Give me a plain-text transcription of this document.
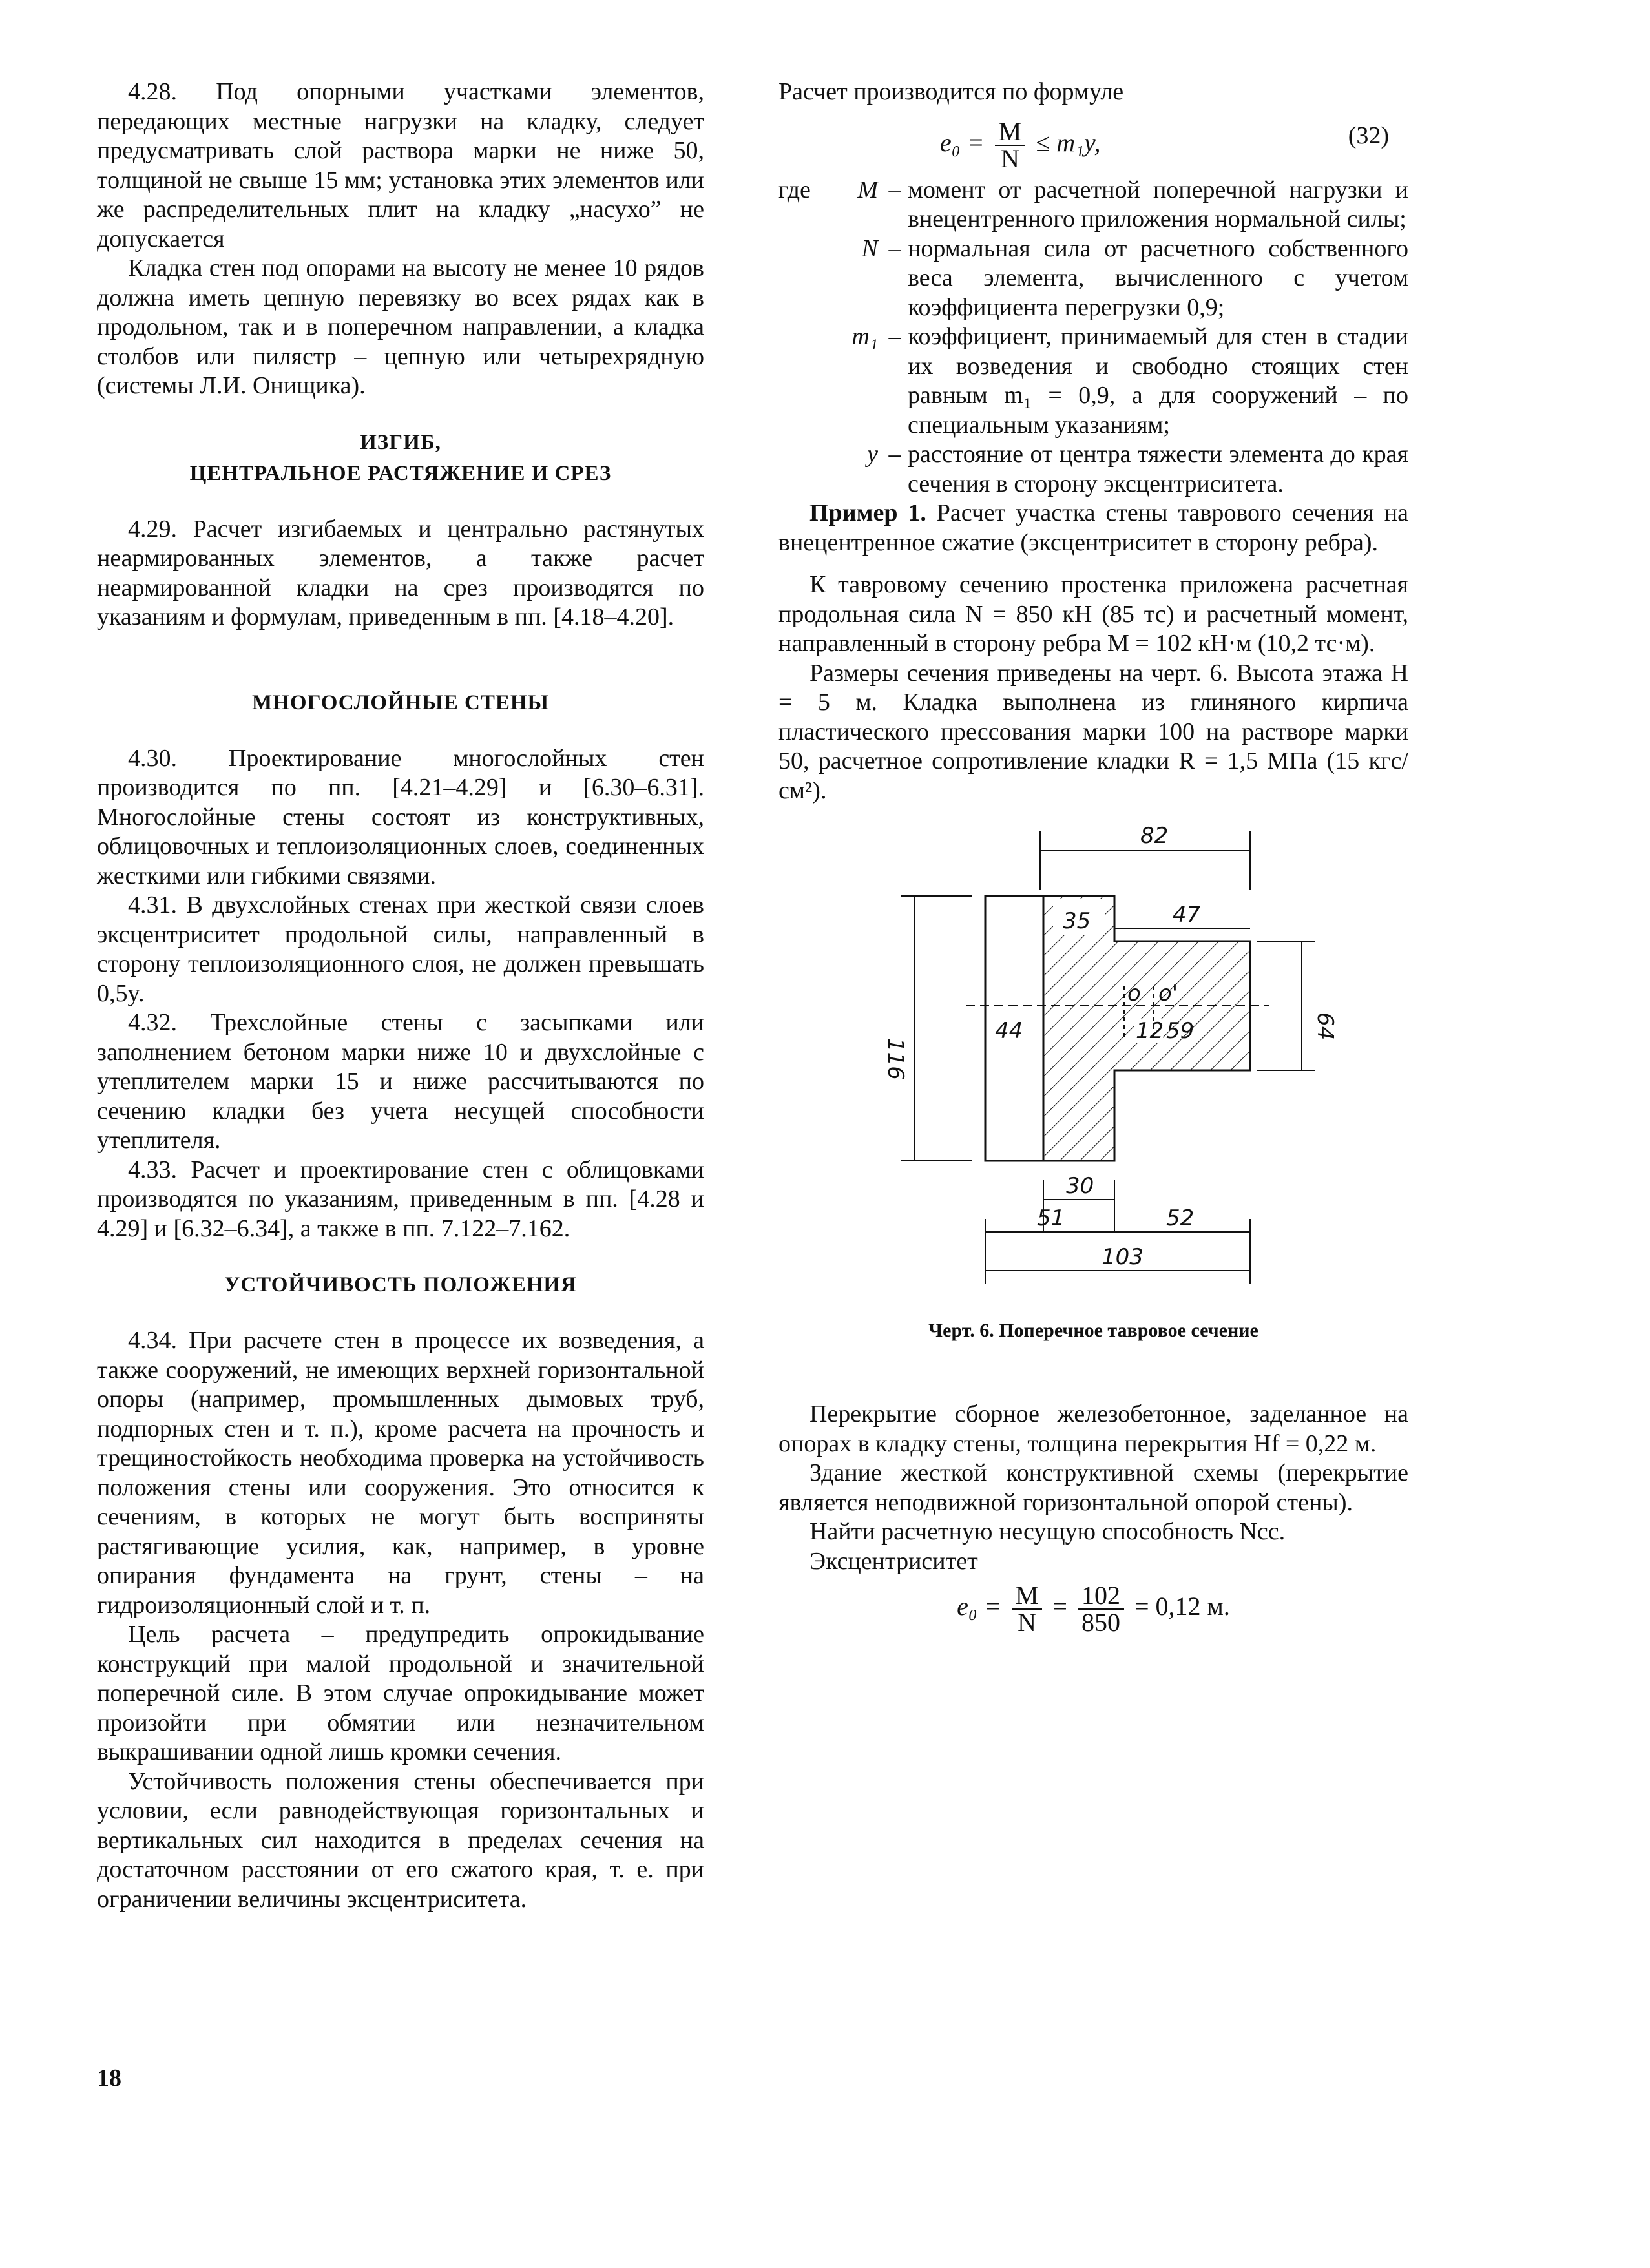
4.28. Под опорными участками элементов, передающих местные нагрузки на кладку, следует предусматривать слой раствора марки не ниже 50, толщиной не свыше 15 мм; установка этих элементов или же распределительных плит на кладку „насухо” не допускается

Кладка стен под опорами на высоту не менее 10 рядов должна иметь цепную перевязку во всех рядах как в продольном, так и в поперечном направлении, а кладка столбов или пилястр – цепную или четырехрядную (системы Л.И. Онищика).

ИЗГИБ,
ЦЕНТРАЛЬНОЕ РАСТЯЖЕНИЕ И СРЕЗ

4.29. Расчет изгибаемых и центрально растянутых неармированных элементов, а также расчет неармированной кладки на срез производятся по указаниям и формулам, приведенным в пп. [4.18–4.20].

МНОГОСЛОЙНЫЕ СТЕНЫ

4.30. Проектирование многослойных стен производится по пп. [4.21–4.29] и [6.30–6.31]. Многослойные стены состоят из конструктивных, облицовочных и теплоизоляционных слоев, соединенных жесткими или гибкими связями.

4.31. В двухслойных стенах при жесткой связи слоев эксцентриситет продольной силы, направленный в сторону теплоизоляционного слоя, не должен превышать 0,5y.

4.32. Трехслойные стены с засыпками или заполнением бетоном марки ниже 10 и двухслойные с утеплителем марки 15 и ниже рассчитываются по сечению кладки без учета несущей способности утеплителя.

4.33. Расчет и проектирование стен с облицовками производятся по указаниям, приведенным в пп. [4.28 и 4.29] и [6.32–6.34], а также в пп. 7.122–7.162.

УСТОЙЧИВОСТЬ ПОЛОЖЕНИЯ

4.34. При расчете стен в процессе их возведения, а также сооружений, не имеющих верхней горизонтальной опоры (например, промышленных дымовых труб, подпорных стен и т. п.), кроме расчета на прочность и трещиностойкость необходима проверка на устойчивость положения стены или сооружения. Это относится к сечениям, в которых не могут быть восприняты растягивающие усилия, как, например, в уровне опирания фундамента на грунт, стены – на гидроизоляционный слой и т. п.

Цель расчета – предупредить опрокидывание конструкций при малой продольной и значительной поперечной силе. В этом случае опрокидывание может произойти при обмятии или незначительном выкрашивании одной лишь кромки сечения.

Устойчивость положения стены обеспечивается при условии, если равнодействующая горизонтальных и вертикальных сил находится в пределах сечения на достаточном расстоянии от его сжатого края, т. е. при ограничении величины эксцентриситета.

Расчет производится по формуле

$e_0 = \frac{M}{N} \le m_1y$,	(32)
где	M – момент от расчетной поперечной нагрузки и внецентренного приложения нормальной силы;
N – нормальная сила от расчетного собственного веса элемента, вычисленного с учетом коэффициента перегрузки 0,9;
m₁ – коэффициент, принимаемый для стен в стадии их возведения и свободно стоящих стен равным m₁ = 0,9, а для сооружений – по специальным указаниям;
y – расстояние от центра тяжести элемента до края сечения в сторону эксцентриситета.

Пример 1. Расчет участка стены таврового сечения на внецентренное сжатие (эксцентриситет в сторону ребра).

К тавровому сечению простенка приложена расчетная продольная сила N = 850 кН (85 тс) и расчетный момент, направленный в сторону ребра M = 102 кН·м (10,2 тс·м).

Размеры сечения приведены на черт. 6. Высота этажа H = 5 м. Кладка выполнена из глиняного кирпича пластического прессования марки 100 на растворе марки 50, расчетное сопротивление кладки R = 1,5 МПа (15 кгс/см²).

82
35	47
116
64
44
o o'
12 59
30
51	52
103
Черт. 6. Поперечное тавровое сечение

Перекрытие сборное железобетонное, заделанное на опорах в кладку стены, толщина перекрытия Hf = 0,22 м.

Здание жесткой конструктивной схемы (перекрытие является неподвижной горизонтальной опорой стены).

Найти расчетную несущую способность Ncc.

Эксцентриситет

$e_0 = \frac{M}{N} = \frac{102}{850} = 0,12$ м.
18
